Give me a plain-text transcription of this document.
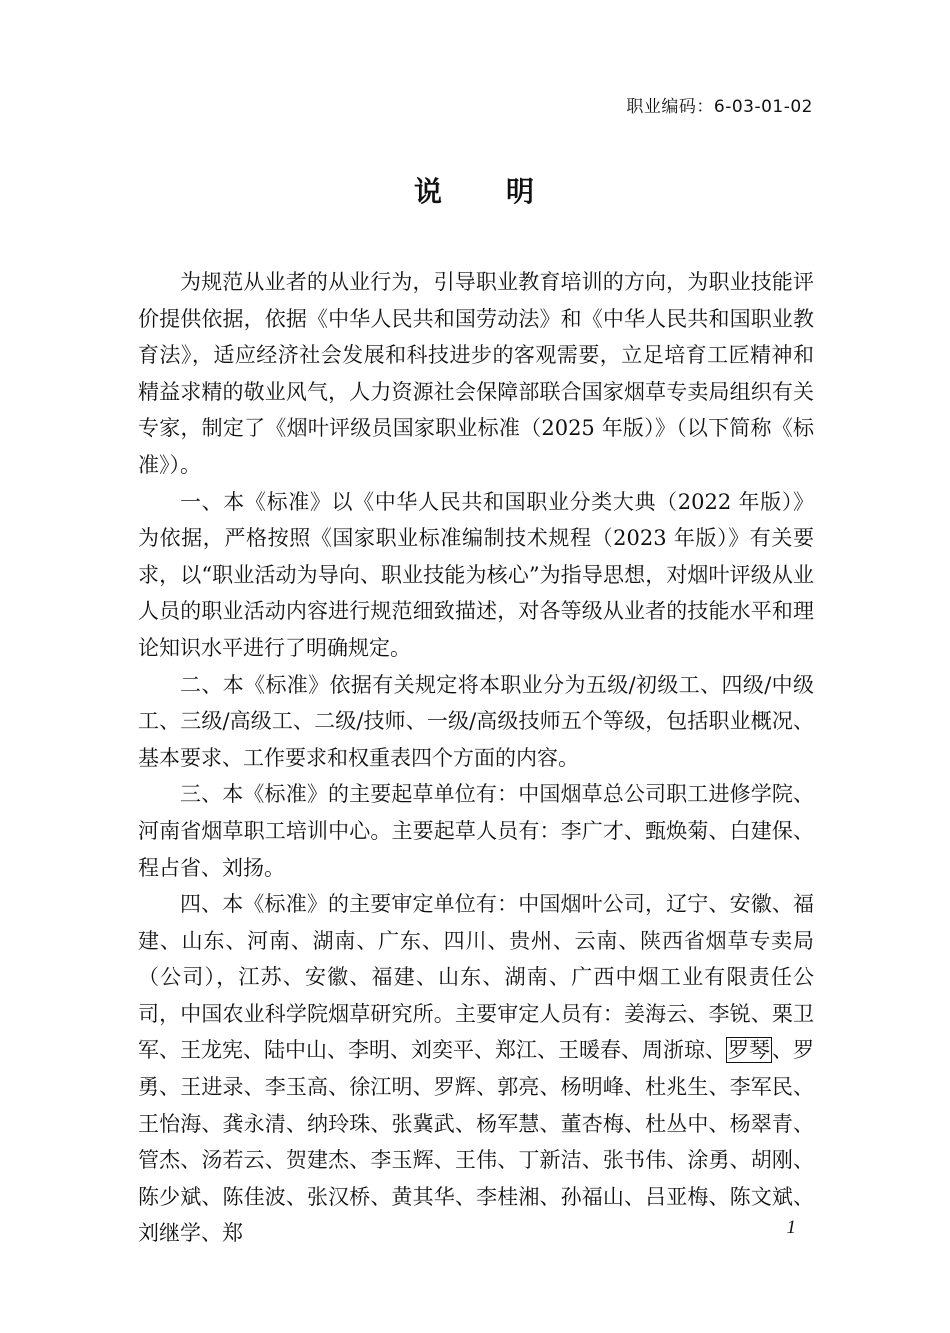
职业编码：6-03-01-02
说 明

为规范从业者的从业行为，引导职业教育培训的方向，为职业技能评价提供依据，依据《中华人民共和国劳动法》和《中华人民共和国职业教育法》，适应经济社会发展和科技进步的客观需要，立足培育工匠精神和精益求精的敬业风气，人力资源社会保障部联合国家烟草专卖局组织有关专家，制定了《烟叶评级员国家职业标准（2025 年版）》（以下简称《标准》）。

一、本《标准》以《中华人民共和国职业分类大典（2022 年版）》为依据，严格按照《国家职业标准编制技术规程（2023 年版）》有关要求，以“职业活动为导向、职业技能为核心”为指导思想，对烟叶评级从业人员的职业活动内容进行规范细致描述，对各等级从业者的技能水平和理论知识水平进行了明确规定。

二、本《标准》依据有关规定将本职业分为五级/初级工、四级/中级工、三级/高级工、二级/技师、一级/高级技师五个等级，包括职业概况、基本要求、工作要求和权重表四个方面的内容。

三、本《标准》的主要起草单位有：中国烟草总公司职工进修学院、河南省烟草职工培训中心。主要起草人员有：李广才、甄焕菊、白建保、程占省、刘扬。

四、本《标准》的主要审定单位有：中国烟叶公司，辽宁、安徽、福建、山东、河南、湖南、广东、四川、贵州、云南、陕西省烟草专卖局（公司），江苏、安徽、福建、山东、湖南、广西中烟工业有限责任公司，中国农业科学院烟草研究所。主要审定人员有：姜海云、李锐、栗卫军、王龙宪、陆中山、李明、刘奕平、郑江、王暖春、周浙琼、罗琴、罗勇、王进录、李玉高、徐江明、罗辉、郭亮、杨明峰、杜兆生、李军民、王怡海、龚永清、纳玲珠、张冀武、杨军慧、董杏梅、杜丛中、杨翠青、管杰、汤若云、贺建杰、李玉辉、王伟、丁新洁、张书伟、涂勇、胡刚、陈少斌、陈佳波、张汉桥、黄其华、李桂湘、孙福山、吕亚梅、陈文斌、刘继学、郑	1
